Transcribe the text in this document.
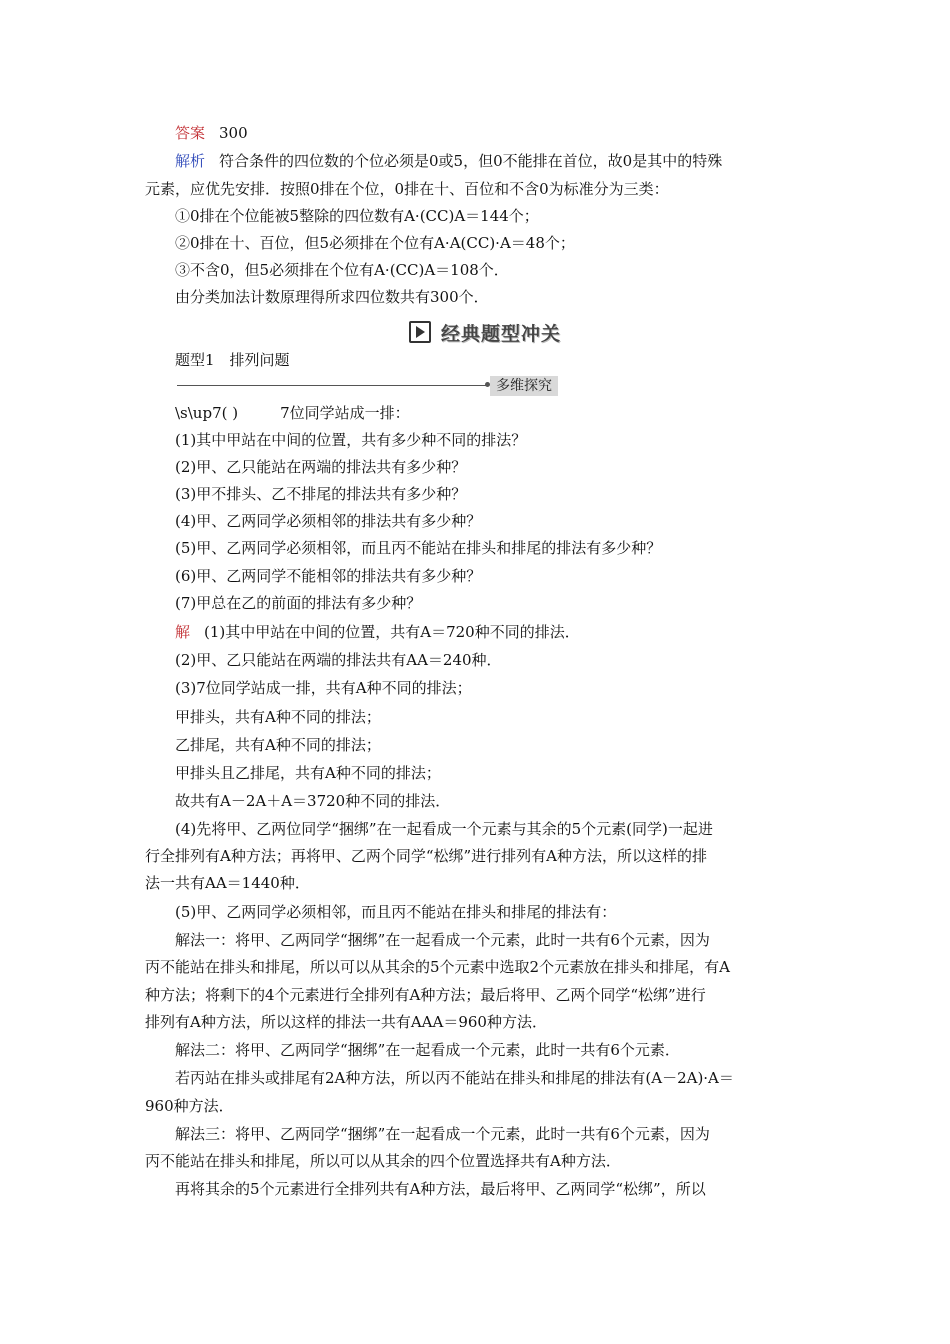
答案 300
解析 符合条件的四位数的个位必须是0或5，但0不能排在首位，故0是其中的特殊
元素，应优先安排．按照0排在个位，0排在十、百位和不含0为标准分为三类：
①0排在个位能被5整除的四位数有A·(CC)A＝144个；
②0排在十、百位，但5必须排在个位有A·A(CC)·A＝48个；
③不含0，但5必须排在个位有A·(CC)A＝108个．
由分类加法计数原理得所求四位数共有300个．
经典题型冲关
题型1　排列问题
多维探究
\s\up7( )	7位同学站成一排：
(1)其中甲站在中间的位置，共有多少种不同的排法？
(2)甲、乙只能站在两端的排法共有多少种？
(3)甲不排头、乙不排尾的排法共有多少种？
(4)甲、乙两同学必须相邻的排法共有多少种？
(5)甲、乙两同学必须相邻，而且丙不能站在排头和排尾的排法有多少种？
(6)甲、乙两同学不能相邻的排法共有多少种？
(7)甲总在乙的前面的排法有多少种？
解 (1)其中甲站在中间的位置，共有A＝720种不同的排法．
(2)甲、乙只能站在两端的排法共有AA＝240种．
(3)7位同学站成一排，共有A种不同的排法；
甲排头，共有A种不同的排法；
乙排尾，共有A种不同的排法；
甲排头且乙排尾，共有A种不同的排法；
故共有A－2A＋A＝3720种不同的排法．
(4)先将甲、乙两位同学“捆绑”在一起看成一个元素与其余的5个元素(同学)一起进
行全排列有A种方法；再将甲、乙两个同学“松绑”进行排列有A种方法，所以这样的排
法一共有AA＝1440种．
(5)甲、乙两同学必须相邻，而且丙不能站在排头和排尾的排法有：
解法一：将甲、乙两同学“捆绑”在一起看成一个元素，此时一共有6个元素，因为
丙不能站在排头和排尾，所以可以从其余的5个元素中选取2个元素放在排头和排尾，有A
种方法；将剩下的4个元素进行全排列有A种方法；最后将甲、乙两个同学“松绑”进行
排列有A种方法，所以这样的排法一共有AAA＝960种方法．
解法二：将甲、乙两同学“捆绑”在一起看成一个元素，此时一共有6个元素．
若丙站在排头或排尾有2A种方法，所以丙不能站在排头和排尾的排法有(A－2A)·A＝
960种方法．
解法三：将甲、乙两同学“捆绑”在一起看成一个元素，此时一共有6个元素，因为
丙不能站在排头和排尾，所以可以从其余的四个位置选择共有A种方法．
再将其余的5个元素进行全排列共有A种方法，最后将甲、乙两同学“松绑”，所以
